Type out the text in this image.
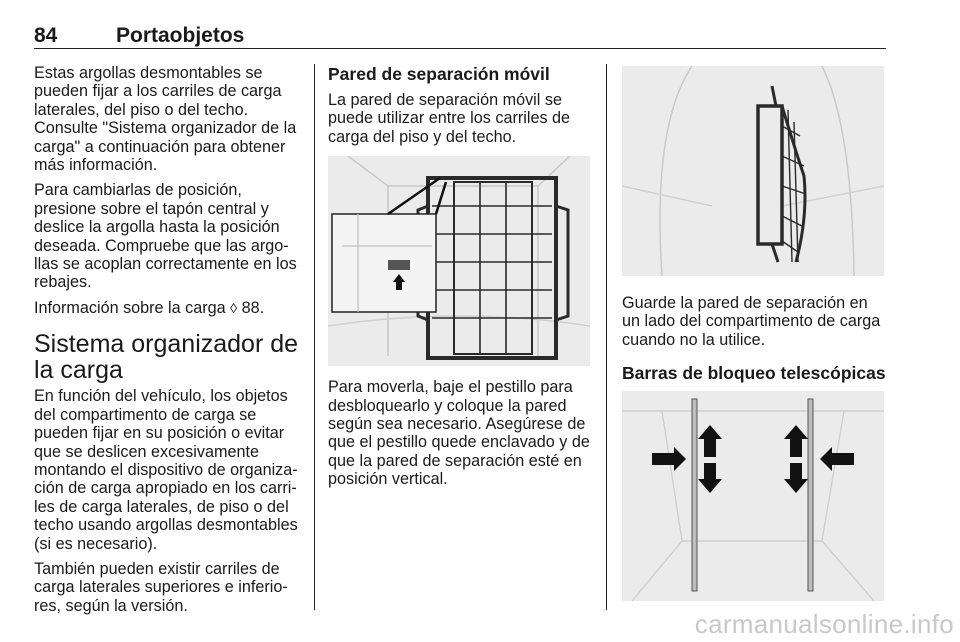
84	Portaobjetos

Estas argollas desmontables se pueden fijar a los carriles de carga laterales, del piso o del techo. Consulte "Sistema organizador de la carga" a continuación para obtener más información.

Para cambiarlas de posición, presione sobre el tapón central y deslice la argolla hasta la posición deseada. Compruebe que las argo-llas se acoplan correctamente en los rebajes.

Información sobre la carga ◊ 88.

Sistema organizador de la carga

En función del vehículo, los objetos del compartimento de carga se pueden fijar en su posición o evitar que se deslicen excesivamente montando el dispositivo de organiza-ción de carga apropiado en los carri-les de carga laterales, de piso o del techo usando argollas desmontables (si es necesario).

También pueden existir carriles de carga laterales superiores e inferio-res, según la versión.

Pared de separación móvil

La pared de separación móvil se puede utilizar entre los carriles de carga del piso y del techo.

Para moverla, baje el pestillo para desbloquearlo y coloque la pared según sea necesario. Asegúrese de que el pestillo quede enclavado y de que la pared de separación esté en posición vertical.

Guarde la pared de separación en un lado del compartimento de carga cuando no la utilice.

Barras de bloqueo telescópicas
carmanualsonline.info
